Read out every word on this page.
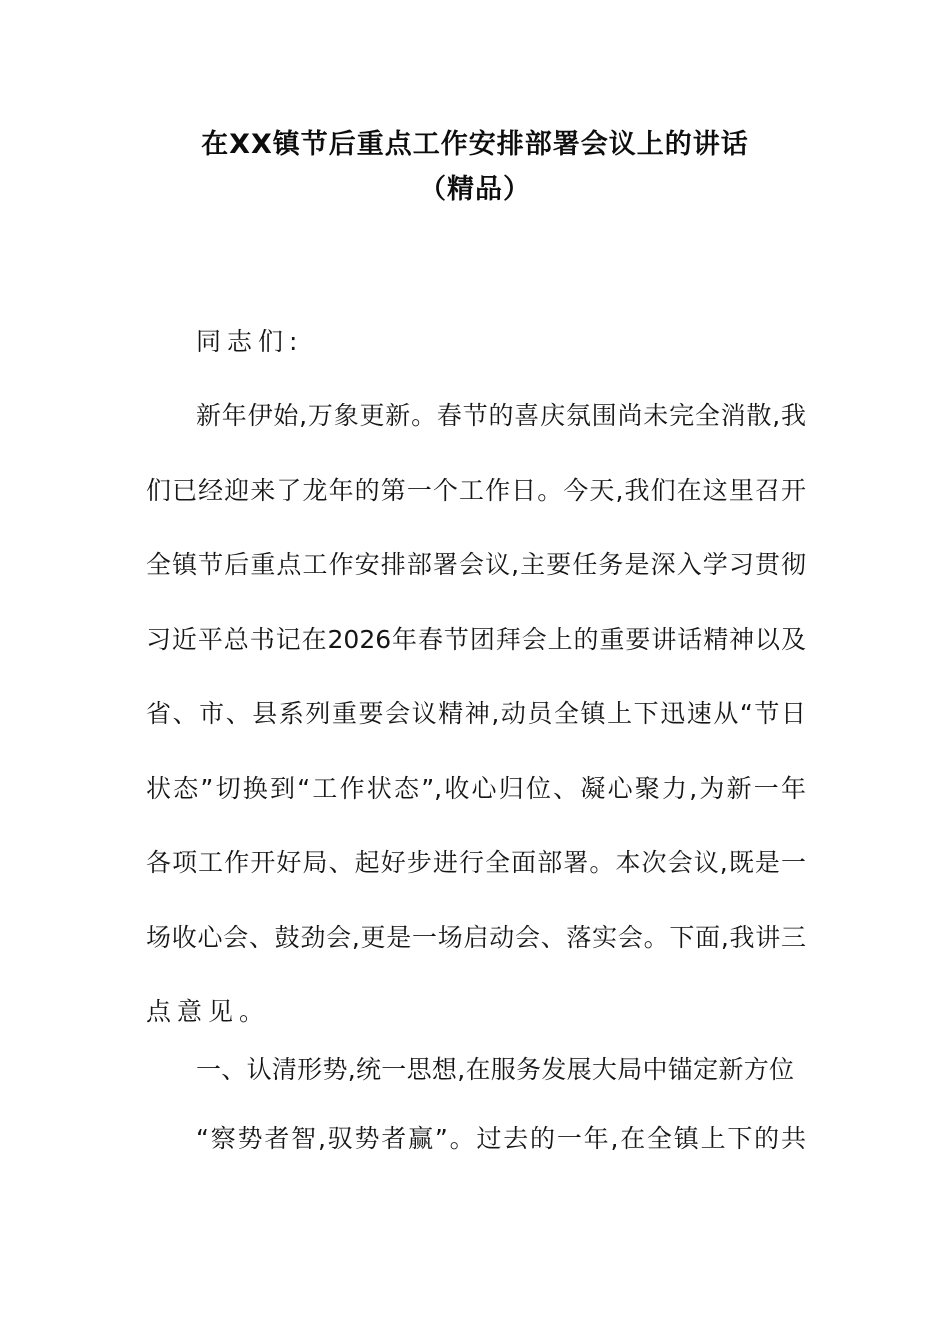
在XX镇节后重点工作安排部署会议上的讲话
（精品）
同志们:
新年伊始,万象更新。春节的喜庆氛围尚未完全消散,我
们已经迎来了龙年的第一个工作日。今天,我们在这里召开
全镇节后重点工作安排部署会议,主要任务是深入学习贯彻
习近平总书记在2026年春节团拜会上的重要讲话精神以及
省、市、县系列重要会议精神,动员全镇上下迅速从“节日
状态”切换到“工作状态”,收心归位、凝心聚力,为新一年
各项工作开好局、起好步进行全面部署。本次会议,既是一
场收心会、鼓劲会,更是一场启动会、落实会。下面,我讲三
点意见。
一、认清形势,统一思想,在服务发展大局中锚定新方位
“察势者智,驭势者赢”。过去的一年,在全镇上下的共
